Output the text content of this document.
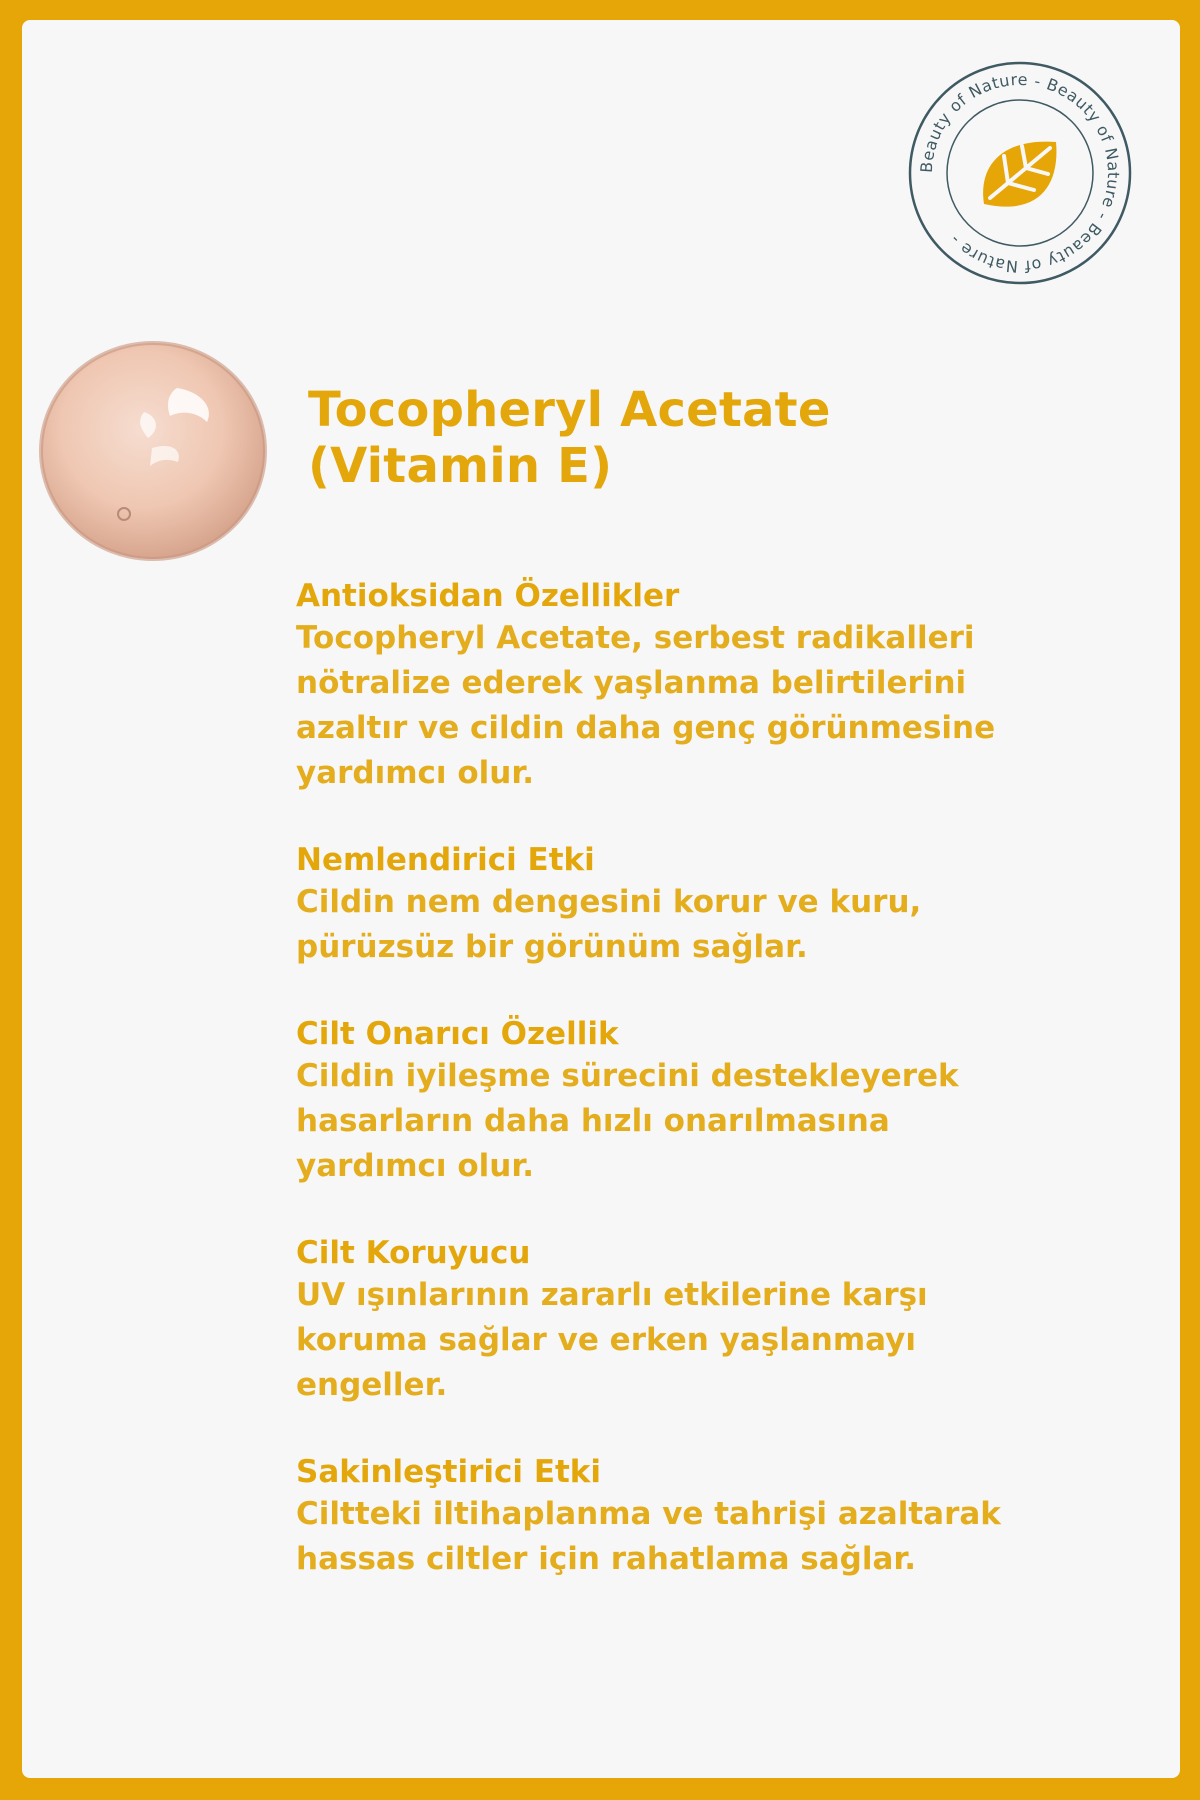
Beauty of Nature - Beauty of Nature - Beauty of Nature -
Tocopheryl Acetate
(Vitamin E)

Antioksidan Özellikler

Tocopheryl Acetate, serbest radikalleri
nötralize ederek yaşlanma belirtilerini
azaltır ve cildin daha genç görünmesine
yardımcı olur.

Nemlendirici Etki

Cildin nem dengesini korur ve kuru,
pürüzsüz bir görünüm sağlar.

Cilt Onarıcı Özellik

Cildin iyileşme sürecini destekleyerek
hasarların daha hızlı onarılmasına
yardımcı olur.

Cilt Koruyucu

UV ışınlarının zararlı etkilerine karşı
koruma sağlar ve erken yaşlanmayı
engeller.

Sakinleştirici Etki

Ciltteki iltihaplanma ve tahrişi azaltarak
hassas ciltler için rahatlama sağlar.
